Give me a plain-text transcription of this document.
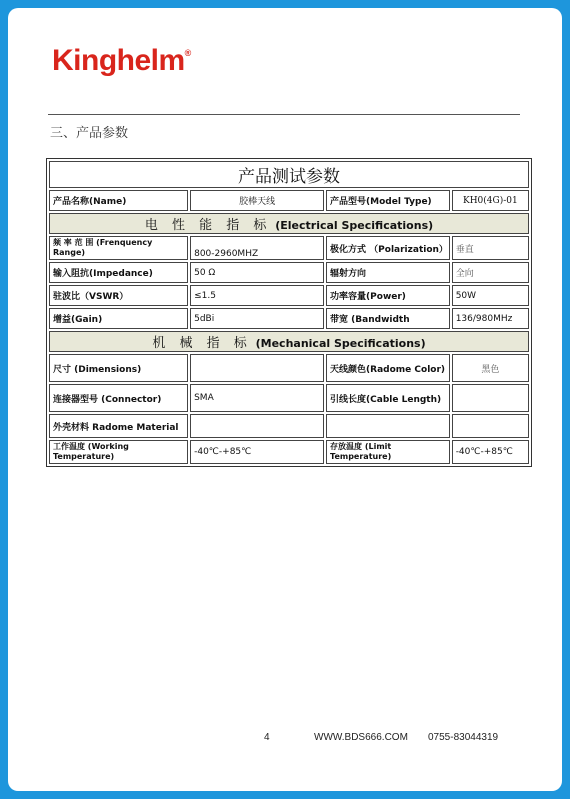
Kinghelm®
三、产品参数
产品测试参数			
产品名称(Name)	胶棒天线	产品型号(Model Type)	KH0(4G)-01
电 性 能 指 标 (Electrical Specifications)			
频 率 范 围 (Frenquency Range)	800-2960MHZ	极化方式 （Polarization）	垂直
输入阻抗(Impedance)	50 Ω	辐射方向	全向
驻波比（VSWR）	≤1.5	功率容量(Power)	50W
增益(Gain)	5dBi	带宽 (Bandwidth	136/980MHz
机 械 指 标 (Mechanical Specifications)			
尺寸 (Dimensions)		天线颜色(Radome Color)	黑色
连接器型号 (Connector)	SMA	引线长度(Cable Length)	
外壳材料 Radome Material			
工作温度 (Working Temperature)	-40℃-+85℃	存放温度 (Limit Temperature)	-40℃-+85℃
4	WWW.BDS666.COM 0755-83044319
